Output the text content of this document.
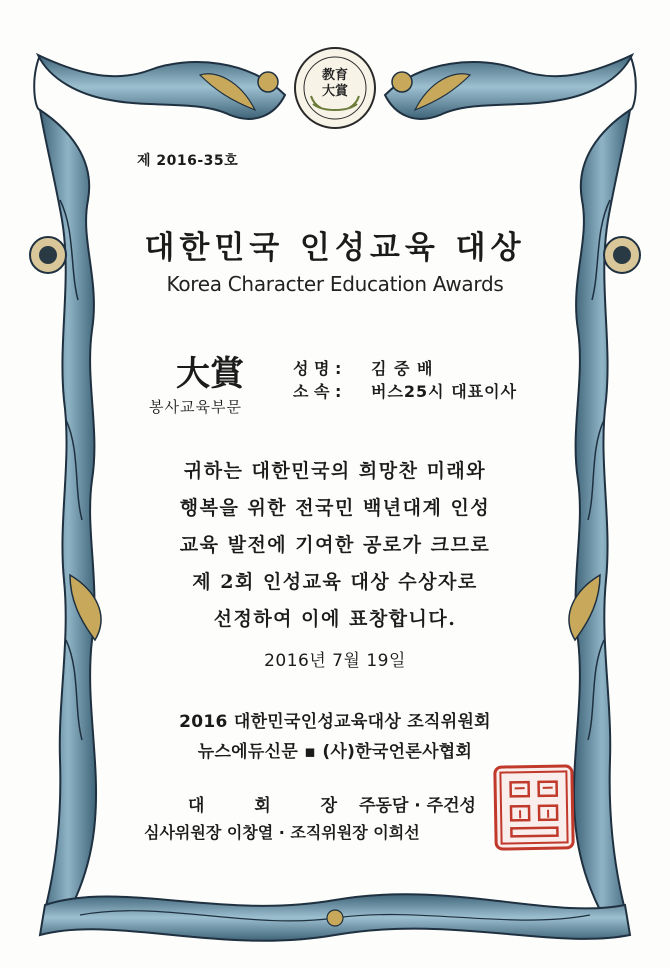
教育
大賞
제 2016-35호
대한민국 인성교육 대상
Korea Character Education Awards
大賞
봉사교육부문
성 명 :	김 중 배
소 속 :	버스25시 대표이사
귀하는 대한민국의 희망찬 미래와
행복을 위한 전국민 백년대계 인성
교육 발전에 기여한 공로가 크므로
제 2회 인성교육 대상 수상자로
선정하여 이에 표창합니다.
2016년 7월 19일
2016 대한민국인성교육대상 조직위원회
뉴스에듀신문 ▪ (사)한국언론사협회
대 회 장 주동담 · 주건성
심사위원장 이창열 · 조직위원장 이희선
